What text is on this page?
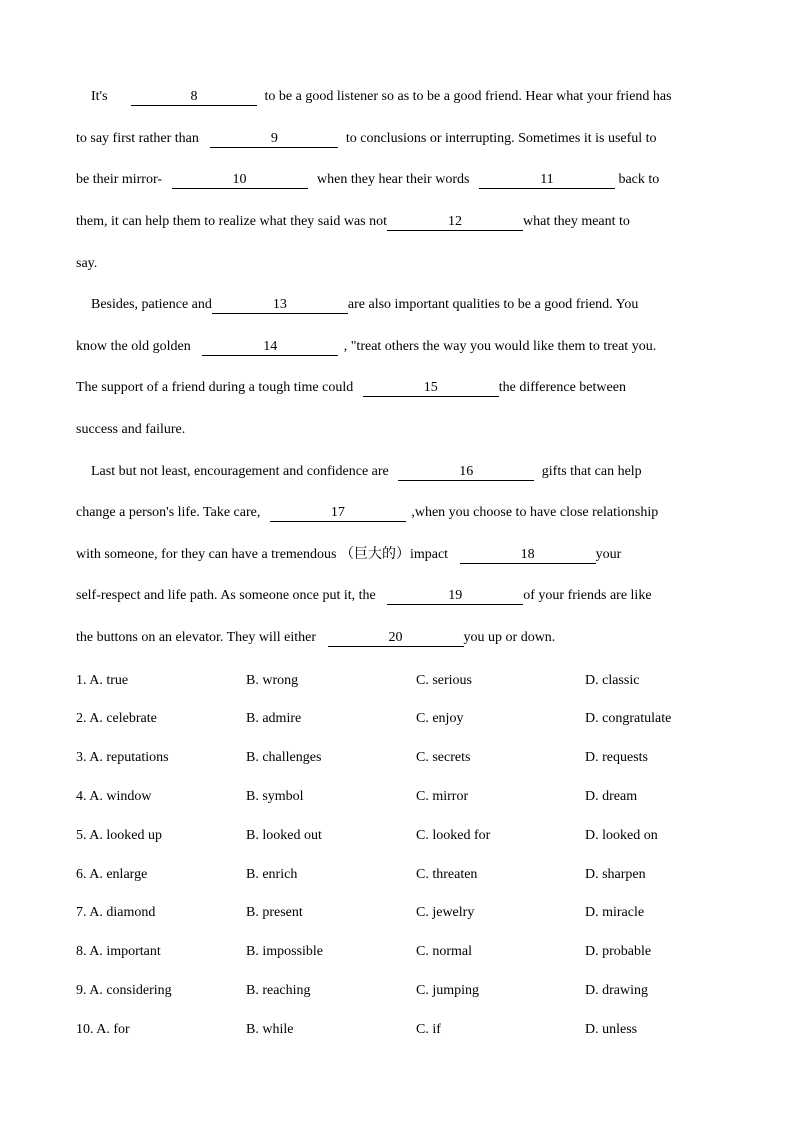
It's	8	to be a good listener so as to be a good friend. Hear what your friend has
to say first rather than	9	to conclusions or interrupting. Sometimes it is useful to
be their mirror-	10	when they hear their words	11	back to
them, it can help them to realize what they said was not	12	what they meant to
say.
Besides, patience and	13	are also important qualities to be a good friend. You
know the old golden	14	, "treat others the way you would like them to treat you.
The support of a friend during a tough time could	15	the difference between
success and failure.
Last but not least, encouragement and confidence are	16	gifts that can help
change a person's life. Take care,	17	,when you choose to have close relationship
with someone, for they can have a tremendous （巨大的）impact	18	your
self-respect and life path. As someone once put it, the	19	of your friends are like
the buttons on an elevator. They will either	20	you up or down.
1. A. true	B. wrong	C. serious	D. classic
2. A. celebrate	B. admire	C. enjoy	D. congratulate
3. A. reputations	B. challenges	C. secrets	D. requests
4. A. window	B. symbol	C. mirror	D. dream
5. A. looked up	B. looked out	C. looked for	D. looked on
6. A. enlarge	B. enrich	C. threaten	D. sharpen
7. A. diamond	B. present	C. jewelry	D. miracle
8. A. important	B. impossible	C. normal	D. probable
9. A. considering	B. reaching	C. jumping	D. drawing
10. A. for	B. while	C. if	D. unless
